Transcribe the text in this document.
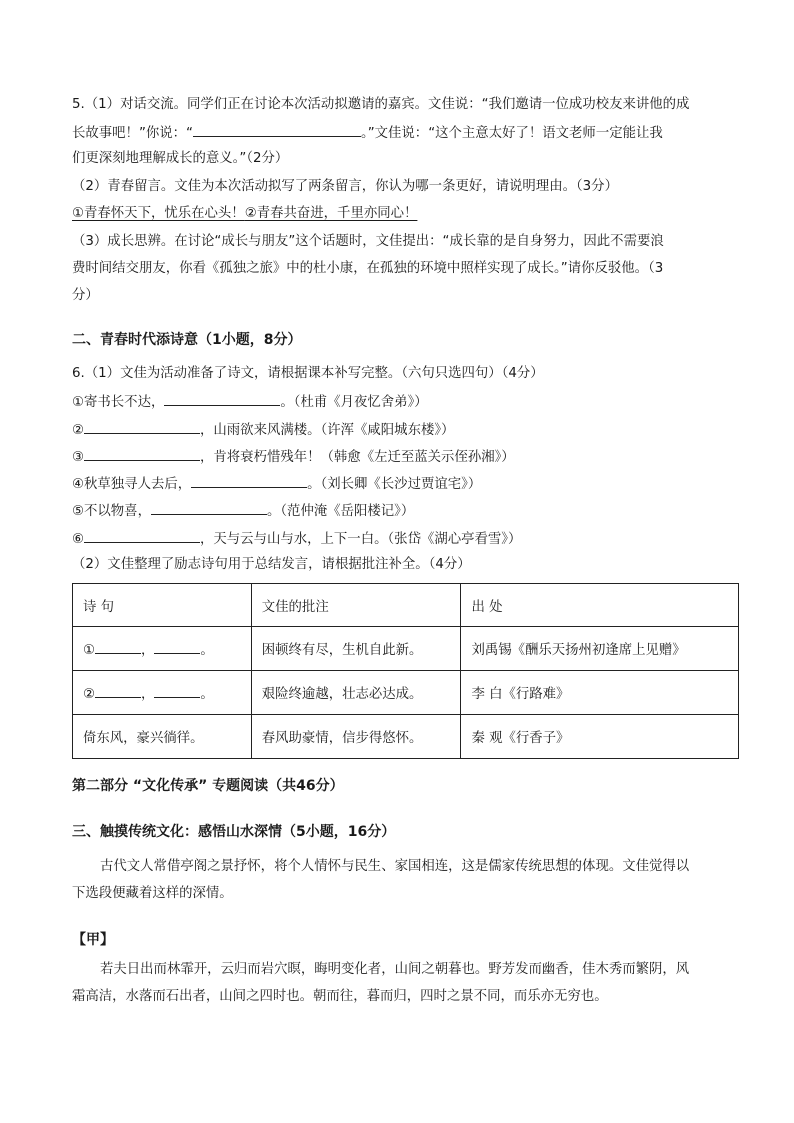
5.（1）对话交流。同学们正在讨论本次活动拟邀请的嘉宾。文佳说：“我们邀请一位成功校友来讲他的成
长故事吧！”你说：“	。”文佳说：“这个主意太好了！语文老师一定能让我
们更深刻地理解成长的意义。”（2分）
（2）青春留言。文佳为本次活动拟写了两条留言，你认为哪一条更好，请说明理由。（3分）
①青春怀天下，忧乐在心头！②青春共奋进，千里亦同心！
（3）成长思辨。在讨论“成长与朋友”这个话题时，文佳提出：“成长靠的是自身努力，因此不需要浪
费时间结交朋友，你看《孤独之旅》中的杜小康，在孤独的环境中照样实现了成长。”请你反驳他。（3
分）
二、青春时代添诗意（1小题，8分）
6.（1）文佳为活动准备了诗文，请根据课本补写完整。（六句只选四句）（4分）
①寄书长不达，	。（杜甫《月夜忆舍弟》）
②	，山雨欲来风满楼。（许浑《咸阳城东楼》）
③	，肯将衰朽惜残年！（韩愈《左迁至蓝关示侄孙湘》）
④秋草独寻人去后，	。（刘长卿《长沙过贾谊宅》）
⑤不以物喜，	。（范仲淹《岳阳楼记》）
⑥	，天与云与山与水，上下一白。（张岱《湖心亭看雪》）
（2）文佳整理了励志诗句用于总结发言，请根据批注补全。（4分）
诗 句	文佳的批注	出 处
① ， 。	困顿终有尽，生机自此新。	刘禹锡《酬乐天扬州初逢席上见赠》
② ， 。	艰险终逾越，壮志必达成。	李 白《行路难》
倚东风，豪兴徜徉。	春风助豪情，信步得悠怀。	秦 观《行香子》
第二部分 “文化传承” 专题阅读（共46分）
三、触摸传统文化：感悟山水深情（5小题，16分）
古代文人常借亭阁之景抒怀，将个人情怀与民生、家国相连，这是儒家传统思想的体现。文佳觉得以
下选段便藏着这样的深情。
【甲】
若夫日出而林霏开，云归而岩穴暝，晦明变化者，山间之朝暮也。野芳发而幽香，佳木秀而繁阴，风
霜高洁，水落而石出者，山间之四时也。朝而往，暮而归，四时之景不同，而乐亦无穷也。
